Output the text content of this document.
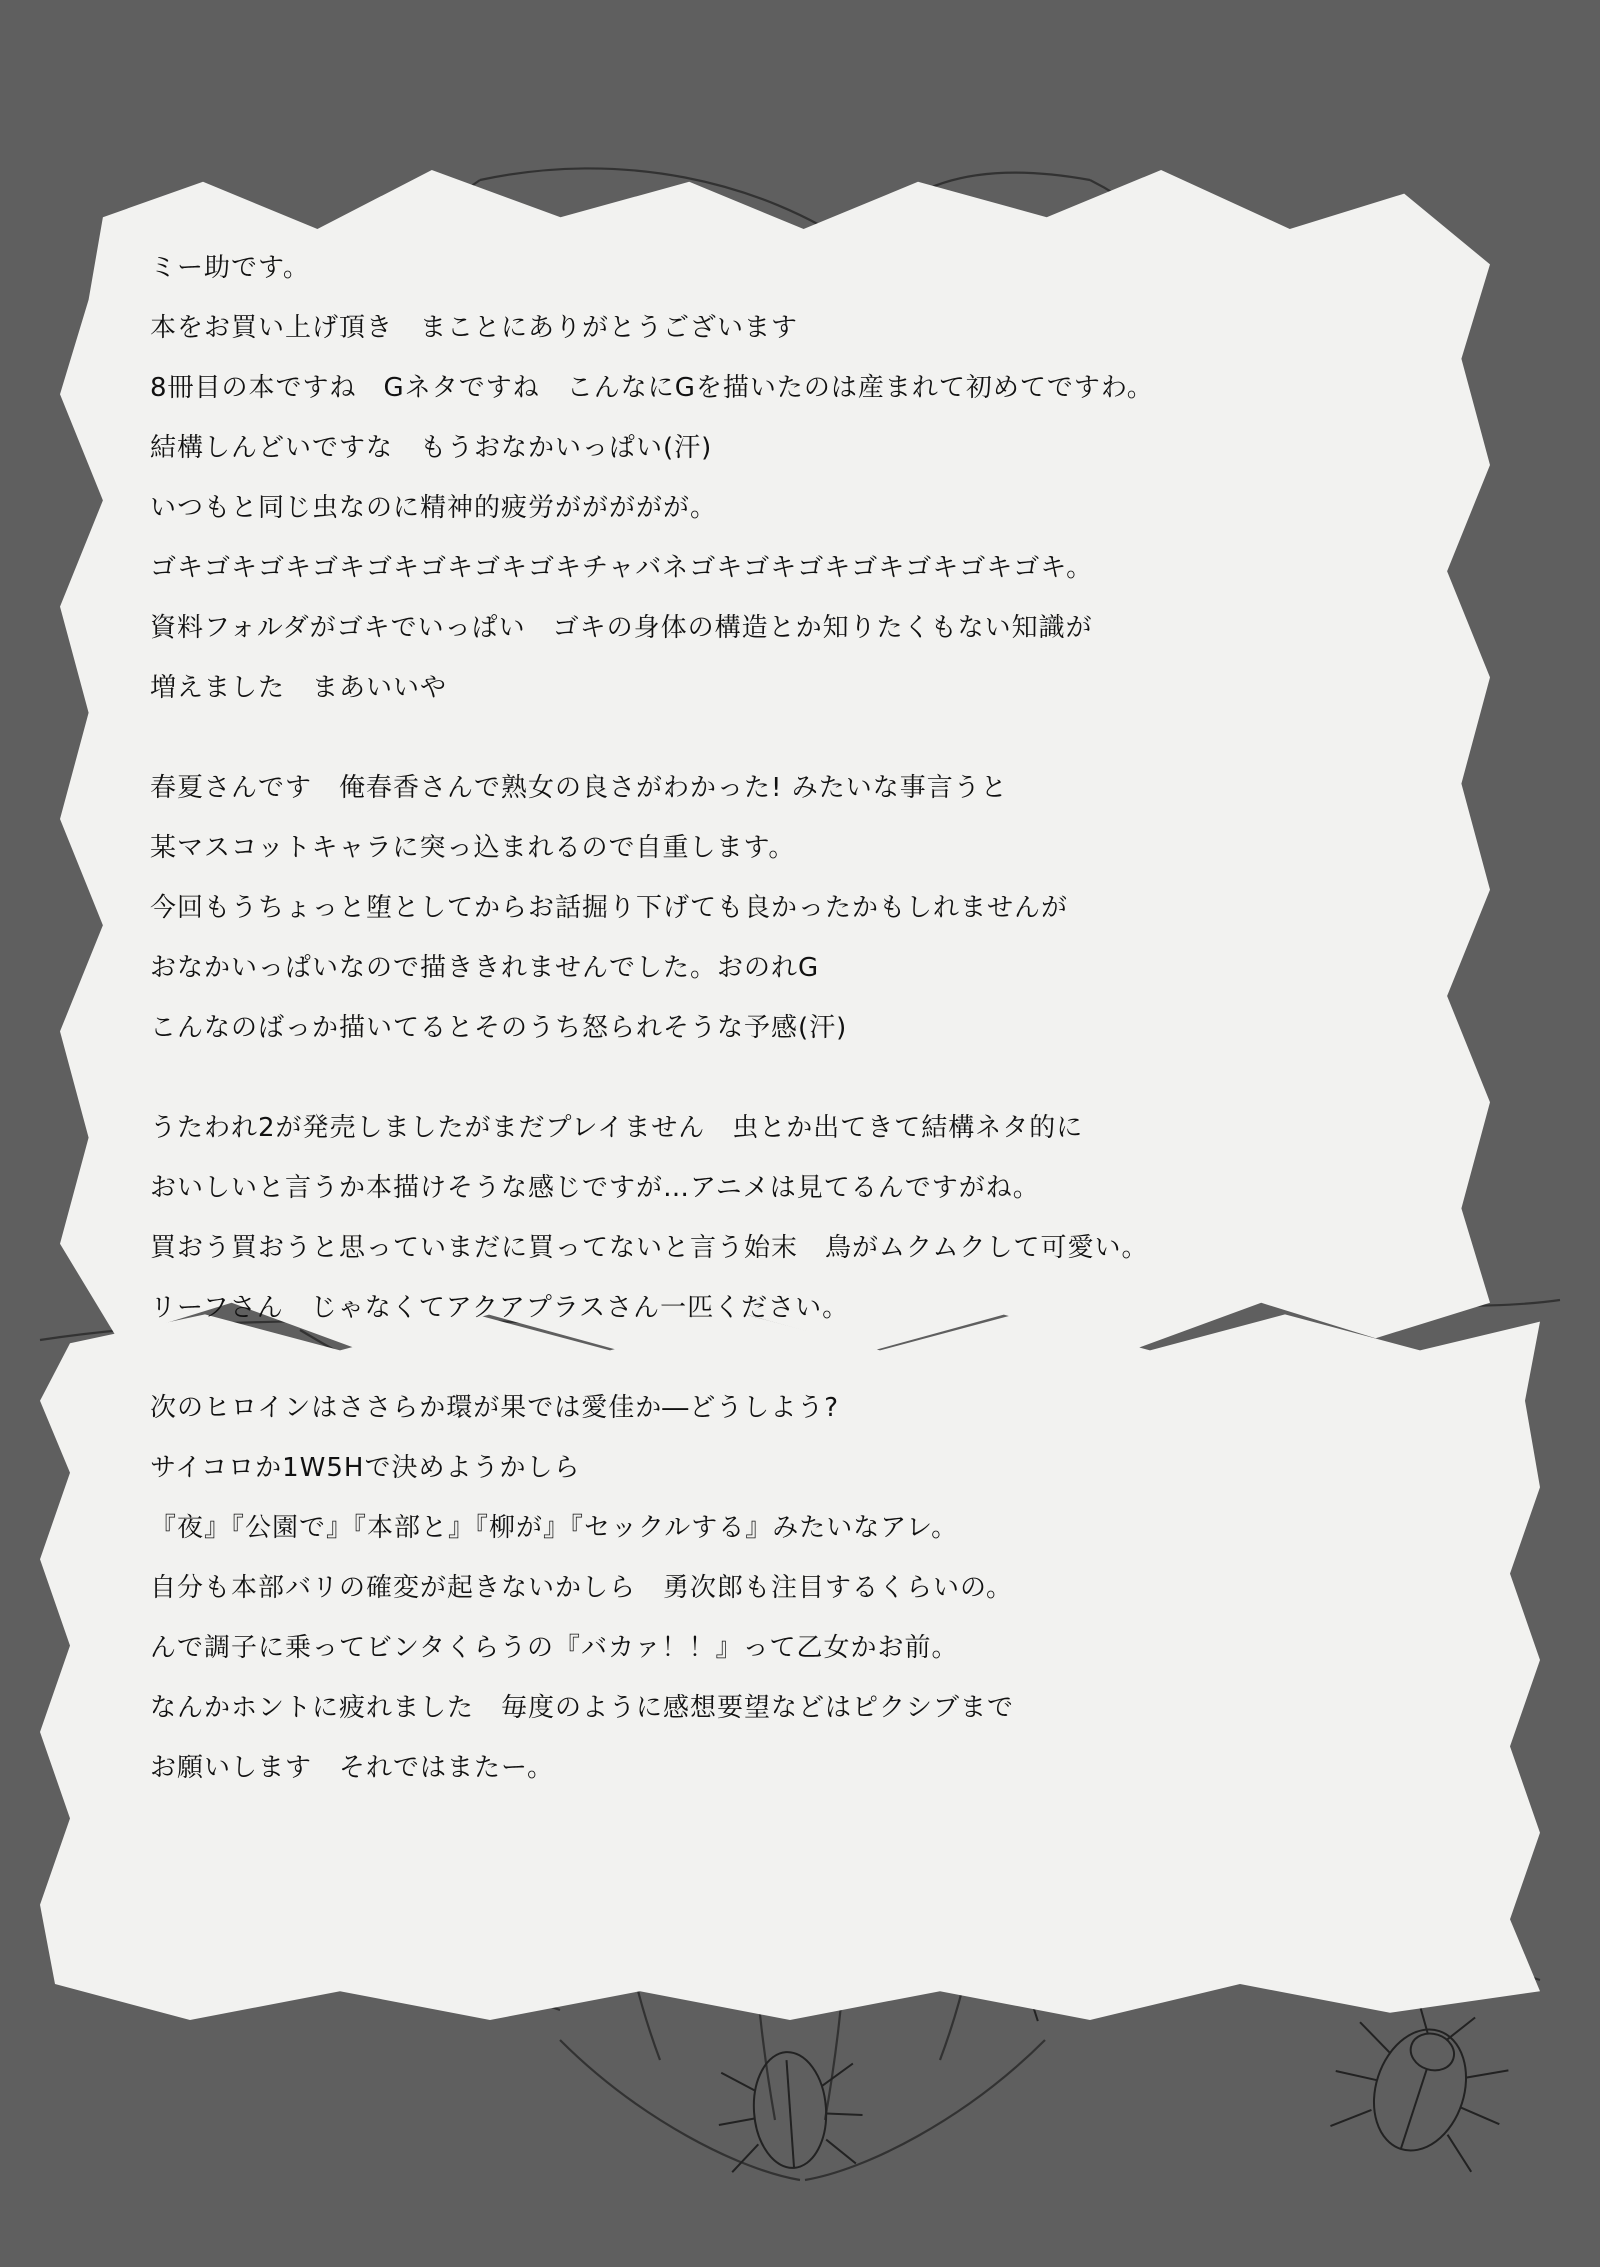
ミー助です。
本をお買い上げ頂き　まことにありがとうございます
8冊目の本ですね　Gネタですね　こんなにGを描いたのは産まれて初めてですわ。
結構しんどいですな　もうおなかいっぱい(汗)
いつもと同じ虫なのに精神的疲労ががががが。
ゴキゴキゴキゴキゴキゴキゴキゴキチャバネゴキゴキゴキゴキゴキゴキゴキ。
資料フォルダがゴキでいっぱい　ゴキの身体の構造とか知りたくもない知識が
増えました　まあいいや
春夏さんです　俺春香さんで熟女の良さがわかった! みたいな事言うと
某マスコットキャラに突っ込まれるので自重します。
今回もうちょっと堕としてからお話掘り下げても良かったかもしれませんが
おなかいっぱいなので描ききれませんでした。おのれG
こんなのばっか描いてるとそのうち怒られそうな予感(汗)
うたわれ2が発売しましたがまだプレイません　虫とか出てきて結構ネタ的に
おいしいと言うか本描けそうな感じですが…アニメは見てるんですがね。
買おう買おうと思っていまだに買ってないと言う始末　鳥がムクムクして可愛い。
リーフさん　じゃなくてアクアプラスさん一匹ください。
次のヒロインはささらか環が果では愛佳か―どうしよう?
サイコロか1W5Hで決めようかしら
『夜』『公園で』『本部と』『柳が』『セックルする』みたいなアレ。
自分も本部バリの確変が起きないかしら　勇次郎も注目するくらいの。
んで調子に乗ってビンタくらうの『バカァ！！』って乙女かお前。
なんかホントに疲れました　毎度のように感想要望などはピクシブまで
お願いします　それではまたー。
